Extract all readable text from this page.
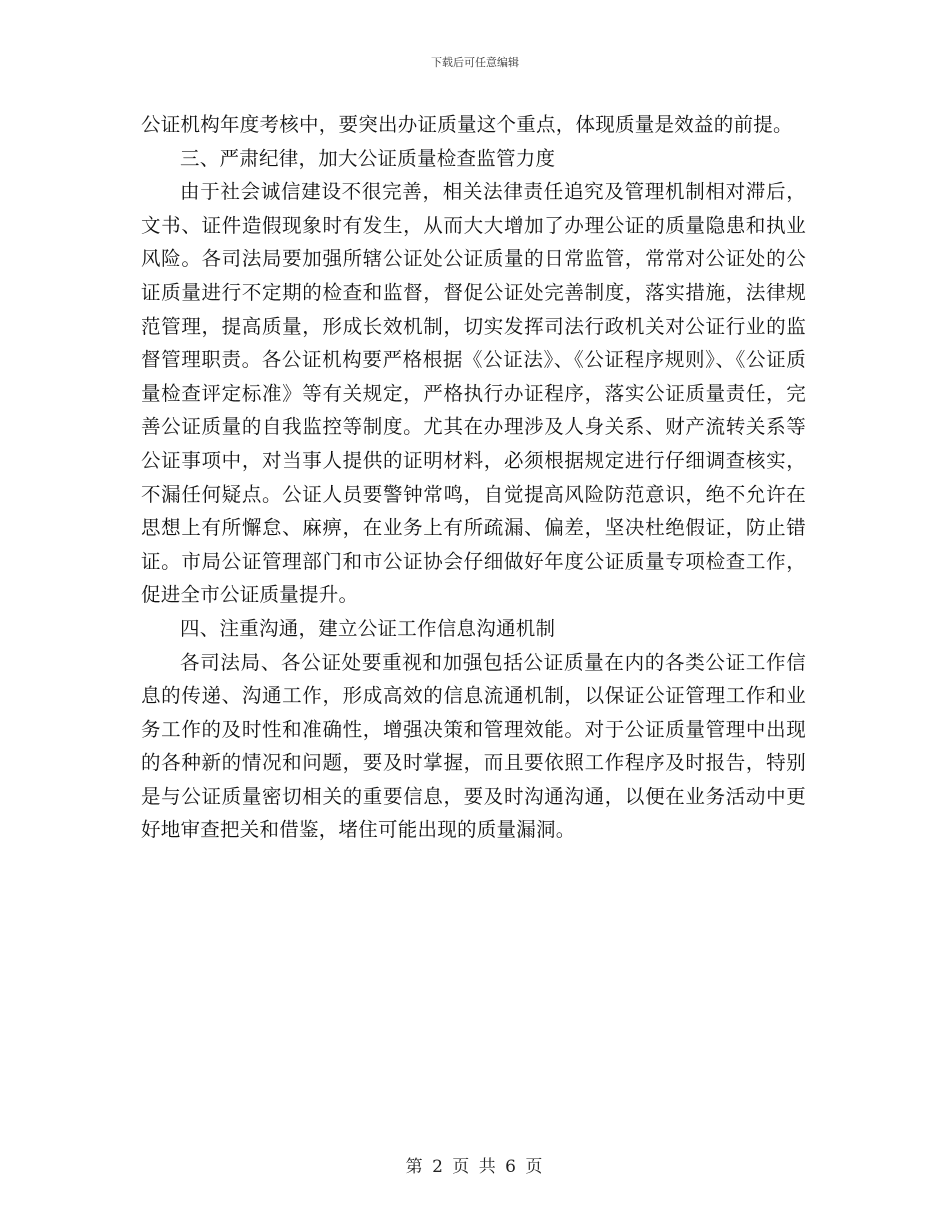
下载后可任意编辑

公证机构年度考核中，要突出办证质量这个重点，体现质量是效益的前提。

三、严肃纪律，加大公证质量检查监管力度

由于社会诚信建设不很完善，相关法律责任追究及管理机制相对滞后，文书、证件造假现象时有发生，从而大大增加了办理公证的质量隐患和执业风险。各司法局要加强所辖公证处公证质量的日常监管，常常对公证处的公证质量进行不定期的检查和监督，督促公证处完善制度，落实措施，法律规范管理，提高质量，形成长效机制，切实发挥司法行政机关对公证行业的监督管理职责。各公证机构要严格根据《公证法》、《公证程序规则》、《公证质量检查评定标准》等有关规定，严格执行办证程序，落实公证质量责任，完善公证质量的自我监控等制度。尤其在办理涉及人身关系、财产流转关系等公证事项中，对当事人提供的证明材料，必须根据规定进行仔细调查核实，不漏任何疑点。公证人员要警钟常鸣，自觉提高风险防范意识，绝不允许在思想上有所懈怠、麻痹，在业务上有所疏漏、偏差，坚决杜绝假证，防止错证。市局公证管理部门和市公证协会仔细做好年度公证质量专项检查工作，促进全市公证质量提升。

四、注重沟通，建立公证工作信息沟通机制

各司法局、各公证处要重视和加强包括公证质量在内的各类公证工作信息的传递、沟通工作，形成高效的信息流通机制，以保证公证管理工作和业务工作的及时性和准确性，增强决策和管理效能。对于公证质量管理中出现的各种新的情况和问题，要及时掌握，而且要依照工作程序及时报告，特别是与公证质量密切相关的重要信息，要及时沟通沟通，以便在业务活动中更好地审查把关和借鉴，堵住可能出现的质量漏洞。

第 2 页 共 6 页
